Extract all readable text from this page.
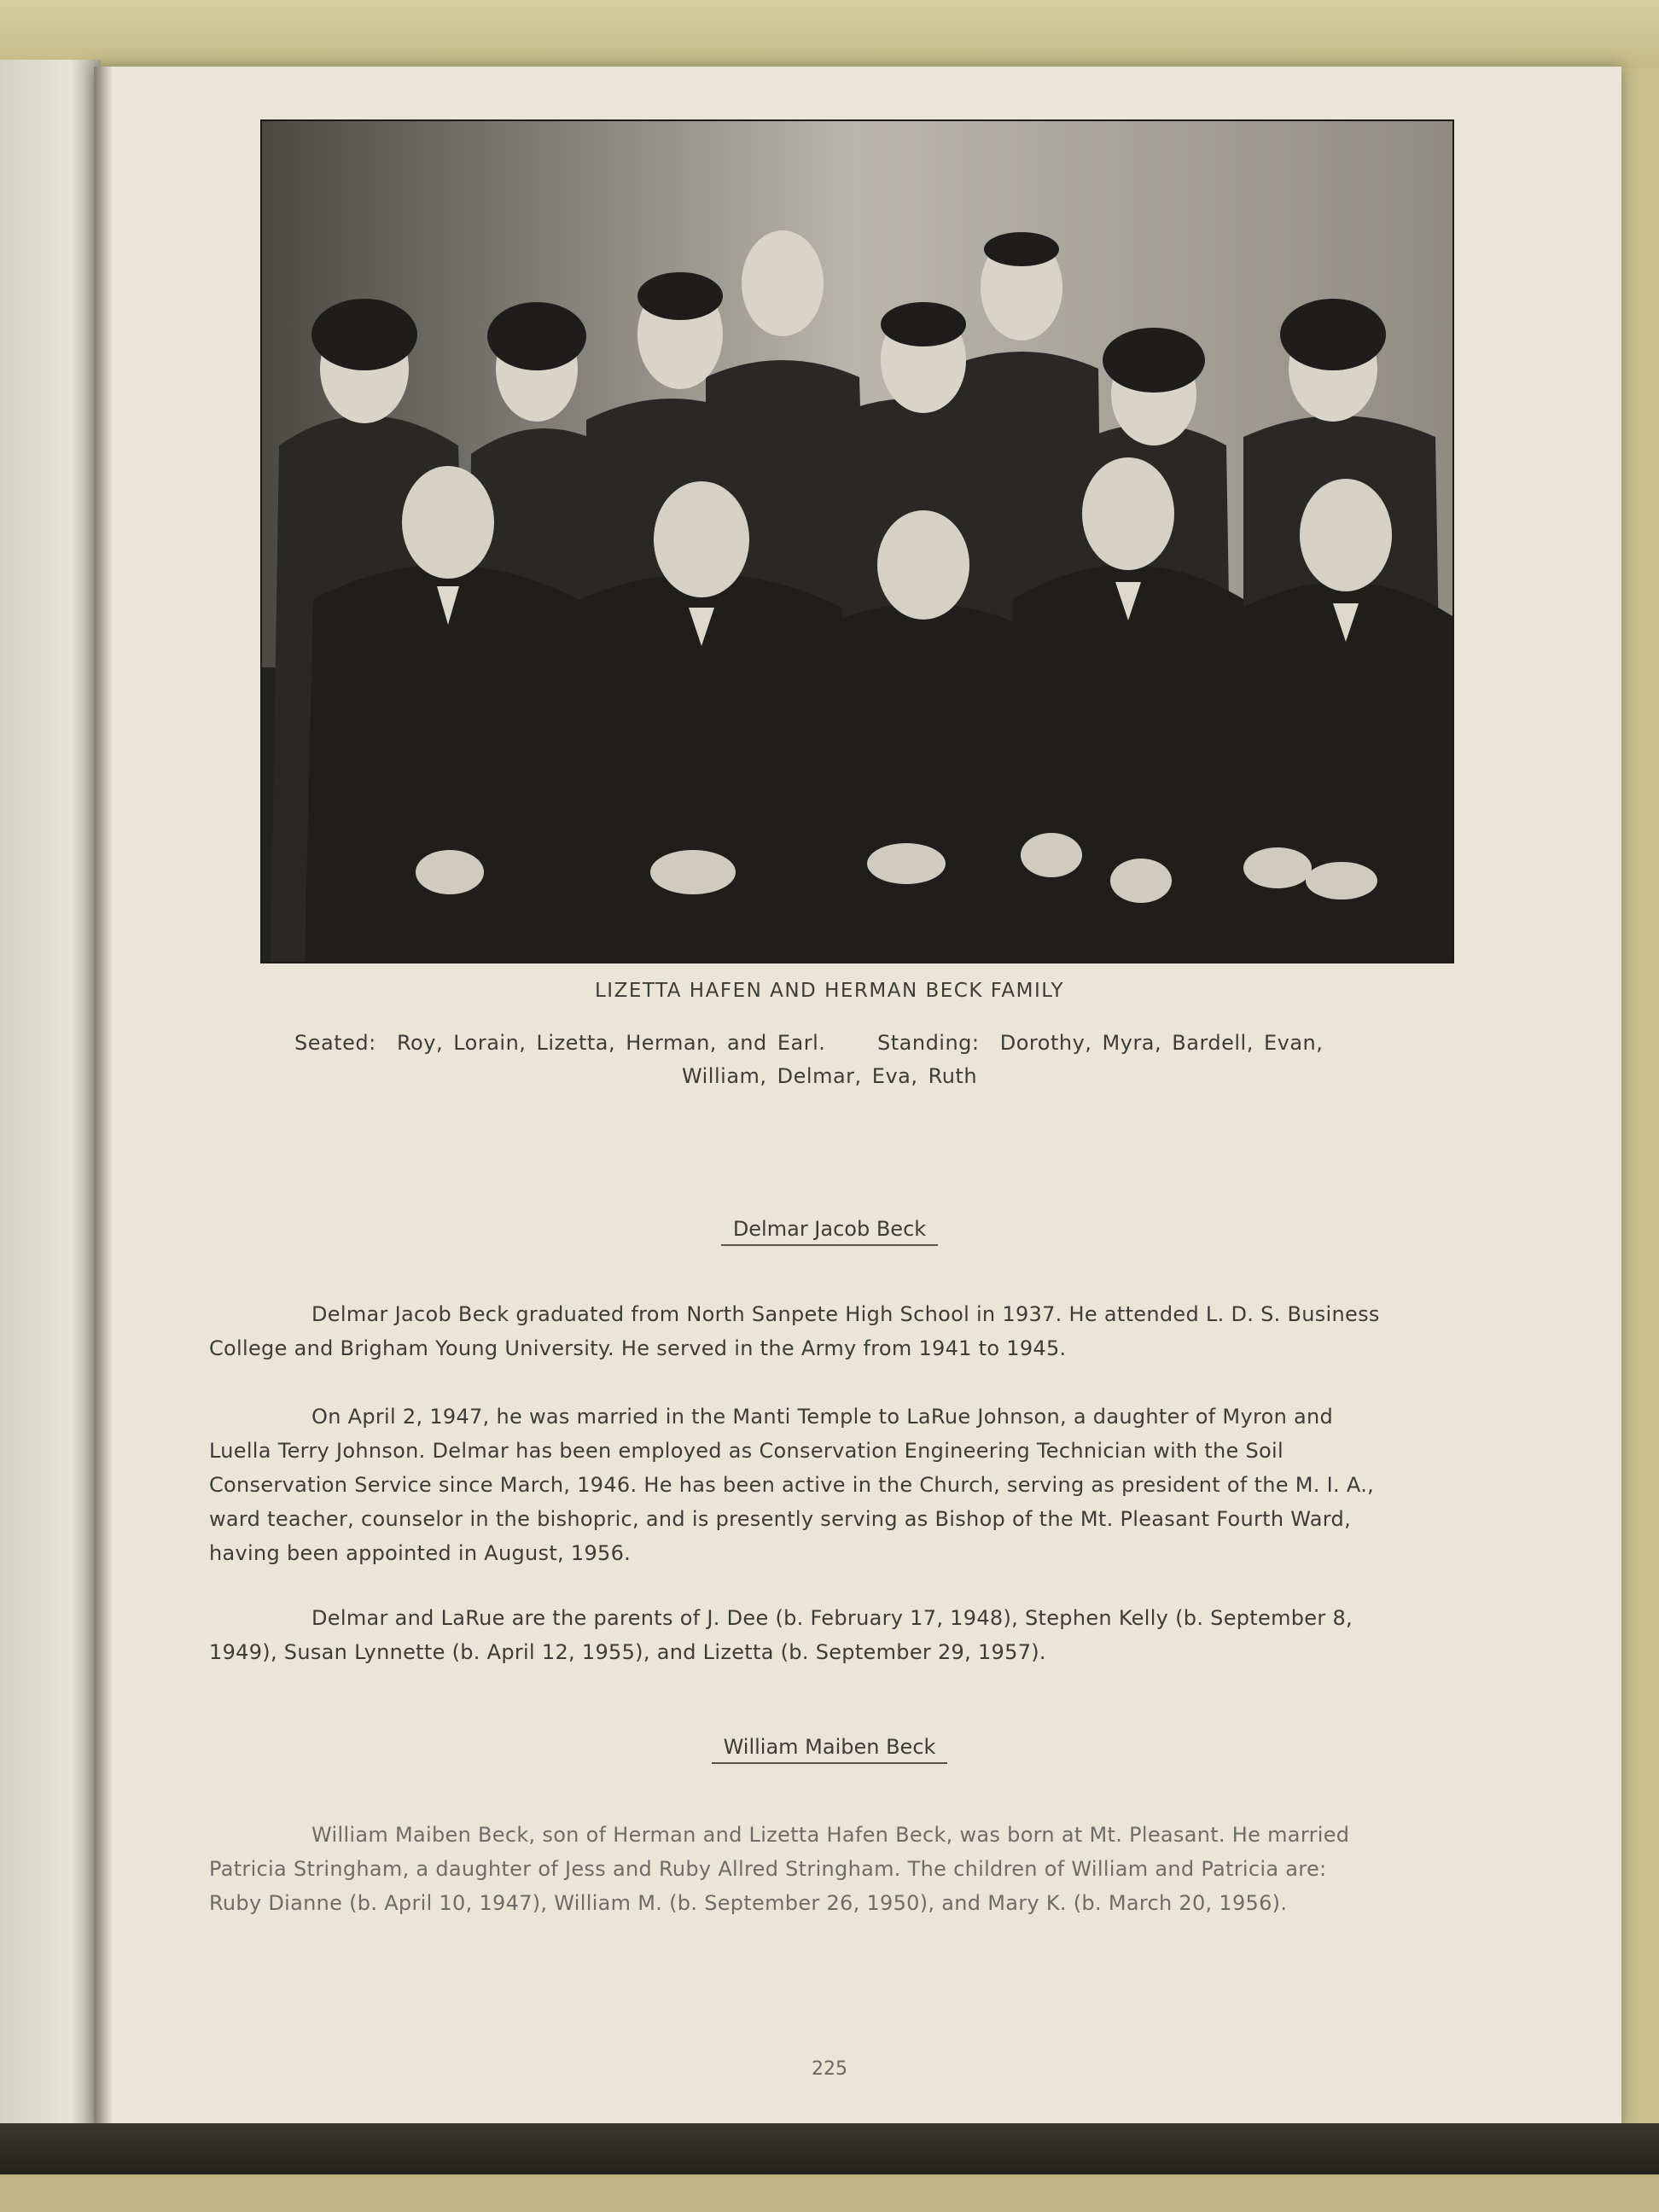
LIZETTA HAFEN AND HERMAN BECK FAMILY
Seated:  Roy, Lorain, Lizetta, Herman, and Earl.     Standing:  Dorothy, Myra, Bardell, Evan,
William, Delmar, Eva, Ruth
Delmar Jacob Beck
Delmar Jacob Beck graduated from North Sanpete High School in 1937. He attended L. D. S. Business
College and Brigham Young University. He served in the Army from 1941 to 1945.
On April 2, 1947, he was married in the Manti Temple to LaRue Johnson, a daughter of Myron and
Luella Terry Johnson. Delmar has been employed as Conservation Engineering Technician with the Soil
Conservation Service since March, 1946. He has been active in the Church, serving as president of the M. I. A.,
ward teacher, counselor in the bishopric, and is presently serving as Bishop of the Mt. Pleasant Fourth Ward,
having been appointed in August, 1956.
Delmar and LaRue are the parents of J. Dee (b. February 17, 1948), Stephen Kelly (b. September 8,
1949), Susan Lynnette (b. April 12, 1955), and Lizetta (b. September 29, 1957).
William Maiben Beck
William Maiben Beck, son of Herman and Lizetta Hafen Beck, was born at Mt. Pleasant. He married
Patricia Stringham, a daughter of Jess and Ruby Allred Stringham. The children of William and Patricia are:
Ruby Dianne (b. April 10, 1947), William M. (b. September 26, 1950), and Mary K. (b. March 20, 1956).
225
